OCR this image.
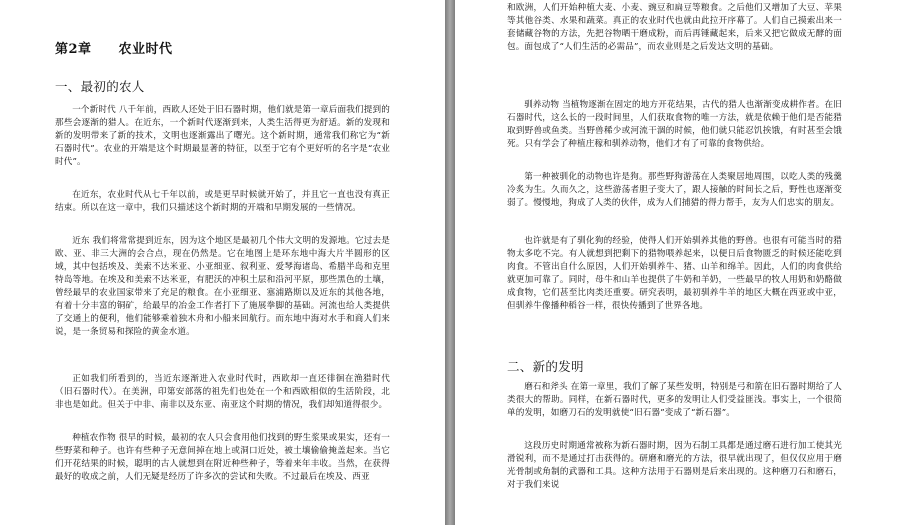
第2章　　农业时代
一、最初的农人

一个新时代 八千年前，西欧人还处于旧石器时期，他们就是第一章后面我们提到的那些会逐渐的猎人。在近东，一个新时代逐渐到来，人类生活得更为舒适。新的发现和新的发明带来了新的技术，文明也逐渐露出了曙光。这个新时期，通常我们称它为“新石器时代”。农业的开端是这个时期最显著的特征，以至于它有个更好听的名字是“农业时代”。

在近东，农业时代从七千年以前，或是更早时候就开始了，并且它一直也没有真正结束。所以在这一章中，我们只描述这个新时期的开端和早期发展的一些情况。

近东 我们将常常提到近东，因为这个地区是最初几个伟大文明的发源地。它过去是欧、亚、非三大洲的会合点，现在仍然是。它在地图上是环东地中海大片半圆形的区域，其中包括埃及、美索不达米亚、小亚细亚、叙利亚、爱琴海诸岛、希腊半岛和克里特岛等地。在埃及和美索不达米亚，有肥沃的冲积土层和沿河平原，那些黑色的土壤，曾经最早的农业国家带来了充足的粮食。在小亚细亚、塞浦路斯以及近东的其他各地，有着十分丰富的铜矿，给最早的冶金工作者打下了施展拳脚的基础。河流也给人类提供了交通上的便利，他们能够乘着独木舟和小船来回航行。而东地中海对水手和商人们来说，是一条贸易和探险的黄金水道。

正如我们所看到的，当近东逐渐进入农业时代时，西欧却一直还徘徊在渔猎时代（旧石器时代）。在美洲，印第安部落的祖先们也处在一个和西欧相似的生活阶段，北非也是如此。但关于中非、南非以及东亚、南亚这个时期的情况，我们却知道得很少。

种植农作物 很早的时候，最初的农人只会食用他们找到的野生浆果或果实，还有一些野菜和种子。也许有些种子无意间掉在地上或洞口近处，被土壤偷偷掩盖起来。当它们开花结果的时候，聪明的古人就想到在附近种些种子，等着来年丰收。当然，在获得最好的收成之前，人们无疑是经历了许多次的尝试和失败。不过最后在埃及、西亚

和欧洲，人们开始种植大麦、小麦、豌豆和扁豆等粮食。之后他们又增加了大豆、苹果等其他谷类、水果和蔬菜。真正的农业时代也就由此拉开序幕了。人们自己摸索出来一套储藏谷物的方法，先把谷物晒干磨成粉，而后再锤藏起来，后来又把它做成无酵的面包。面包成了“人们生活的必需品”，而农业则是之后发达文明的基础。

驯养动物 当植物逐渐在固定的地方开花结果，古代的猎人也渐渐变成耕作者。在旧石器时代，这么长的一段时间里，人们获取食物的唯一方法，就是依赖于他们是否能猎取到野兽或鱼类。当野兽稀少或河流干涸的时候，他们就只能忍饥挨饿，有时甚至会饿死。只有学会了种植庄稼和驯养动物，他们才有了可靠的食物供给。

第一种被驯化的动物也许是狗。那些野狗游荡在人类聚居地周围，以吃人类的残羹冷炙为生。久而久之，这些游荡者胆子变大了，跟人接触的时间长之后，野性也逐渐变弱了。慢慢地，狗成了人类的伙伴，成为人们捕猎的得力帮手，友为人们忠实的朋友。

也许就是有了驯化狗的经验，使得人们开始驯养其他的野兽。也很有可能当时的猎物太多吃不完。有人就想到把剩下的猎物喂养起来，以便日后食物匮乏的时候还能吃到肉食。不管出自什么原因，人们开始驯养牛、猪、山羊和绵羊。因此，人们的肉食供给就更加可靠了。同时，母牛和山羊也提供了牛奶和羊奶，一些最早的牧人用奶和奶酪做成食物，它们甚至比肉类还重要。研究表明，最初驯养牛羊的地区大概在西亚或中亚，但驯养牛像播种稻谷一样，很快传播到了世界各地。

二、新的发明

磨石和斧头 在第一章里，我们了解了某些发明，特别是弓和箭在旧石器时期给了人类很大的帮助。同样，在新石器时代，更多的发明让人们受益匪浅。事实上，一个很简单的发明，如磨刀石的发明就使“旧石器”变成了“新石器”。

这段历史时期通常被称为新石器时期，因为石制工具都是通过磨石进行加工使其光滑锐利，而不是通过打击获得的。研磨和磨光的方法，很早就出现了，但仅仅应用于磨光骨制或角制的武器和工具。这种方法用于石器则是后来出现的。这种磨刀石和磨石，对于我们来说
